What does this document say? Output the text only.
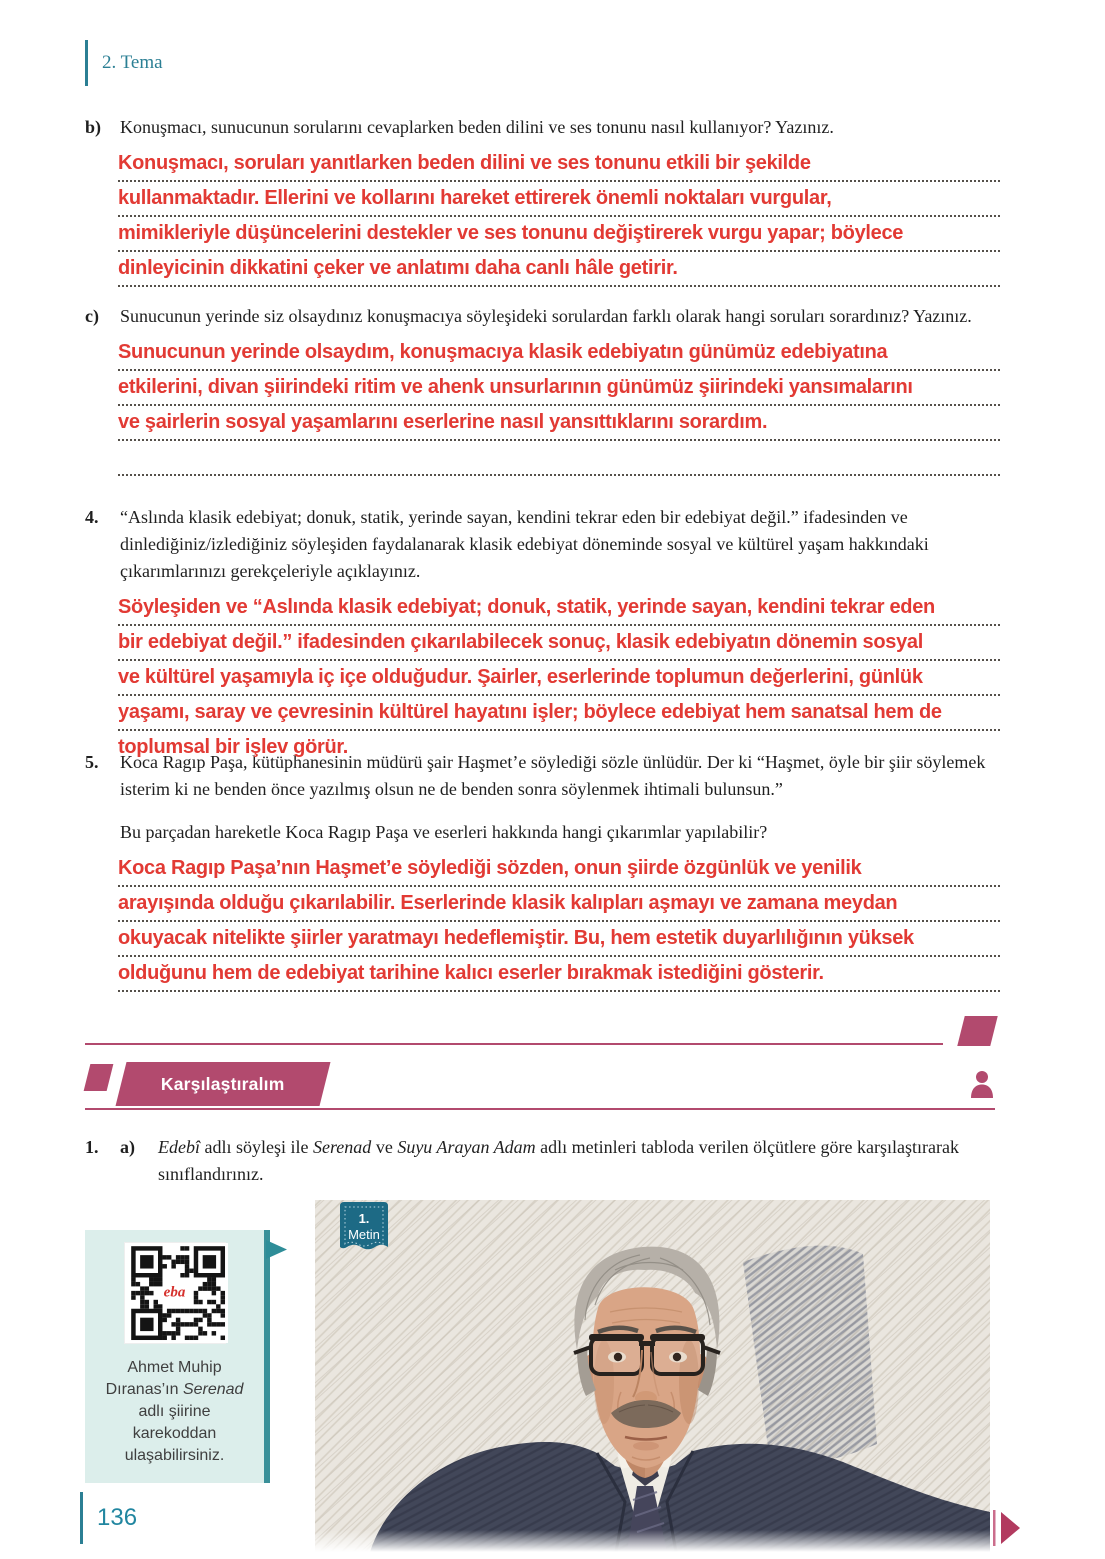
2. Tema
b)	Konuşmacı, sunucunun sorularını cevaplarken beden dilini ve ses tonunu nasıl kullanıyor? Yazınız.
Konuşmacı, soruları yanıtlarken beden dilini ve ses tonunu etkili bir şekilde
kullanmaktadır. Ellerini ve kollarını hareket ettirerek önemli noktaları vurgular,
mimikleriyle düşüncelerini destekler ve ses tonunu değiştirerek vurgu yapar; böylece
dinleyicinin dikkatini çeker ve anlatımı daha canlı hâle getirir.
c)	Sunucunun yerinde siz olsaydınız konuşmacıya söyleşideki sorulardan farklı olarak hangi soruları sorardınız? Yazınız.
Sunucunun yerinde olsaydım, konuşmacıya klasik edebiyatın günümüz edebiyatına
etkilerini, divan şiirindeki ritim ve ahenk unsurlarının günümüz şiirindeki yansımalarını
ve şairlerin sosyal yaşamlarını eserlerine nasıl yansıttıklarını sorardım.
4.	“Aslında klasik edebiyat; donuk, statik, yerinde sayan, kendini tekrar eden bir edebiyat değil.” ifadesinden ve dinlediğiniz/izlediğiniz söyleşiden faydalanarak klasik edebiyat döneminde sosyal ve kültürel yaşam hakkındaki çıkarımlarınızı gerekçeleriyle açıklayınız.
Söyleşiden ve “Aslında klasik edebiyat; donuk, statik, yerinde sayan, kendini tekrar eden
bir edebiyat değil.” ifadesinden çıkarılabilecek sonuç, klasik edebiyatın dönemin sosyal
ve kültürel yaşamıyla iç içe olduğudur. Şairler, eserlerinde toplumun değerlerini, günlük
yaşamı, saray ve çevresinin kültürel hayatını işler; böylece edebiyat hem sanatsal hem de
toplumsal bir işlev görür.
5.	Koca Ragıp Paşa, kütüphanesinin müdürü şair Haşmet’e söylediği sözle ünlüdür. Der ki “Haşmet, öyle bir şiir söylemek isterim ki ne benden önce yazılmış olsun ne de benden sonra söylenmek ihtimali bulunsun.”
Bu parçadan hareketle Koca Ragıp Paşa ve eserleri hakkında hangi çıkarımlar yapılabilir?
Koca Ragıp Paşa’nın Haşmet’e söylediği sözden, onun şiirde özgünlük ve yenilik
arayışında olduğu çıkarılabilir. Eserlerinde klasik kalıpları aşmayı ve zamana meydan
okuyacak nitelikte şiirler yaratmayı hedeflemiştir. Bu, hem estetik duyarlılığının yüksek
olduğunu hem de edebiyat tarihine kalıcı eserler bırakmak istediğini gösterir.
Karşılaştıralım
1.	a)	Edebî adlı söyleşi ile Serenad ve Suyu Arayan Adam adlı metinleri tabloda verilen ölçütlere göre karşılaştırarak sınıflandırınız.
eba
Ahmet Muhip Dıranas’ın Serenad adlı şiirine karekoddan ulaşabilirsiniz.
1.
Metin
136
